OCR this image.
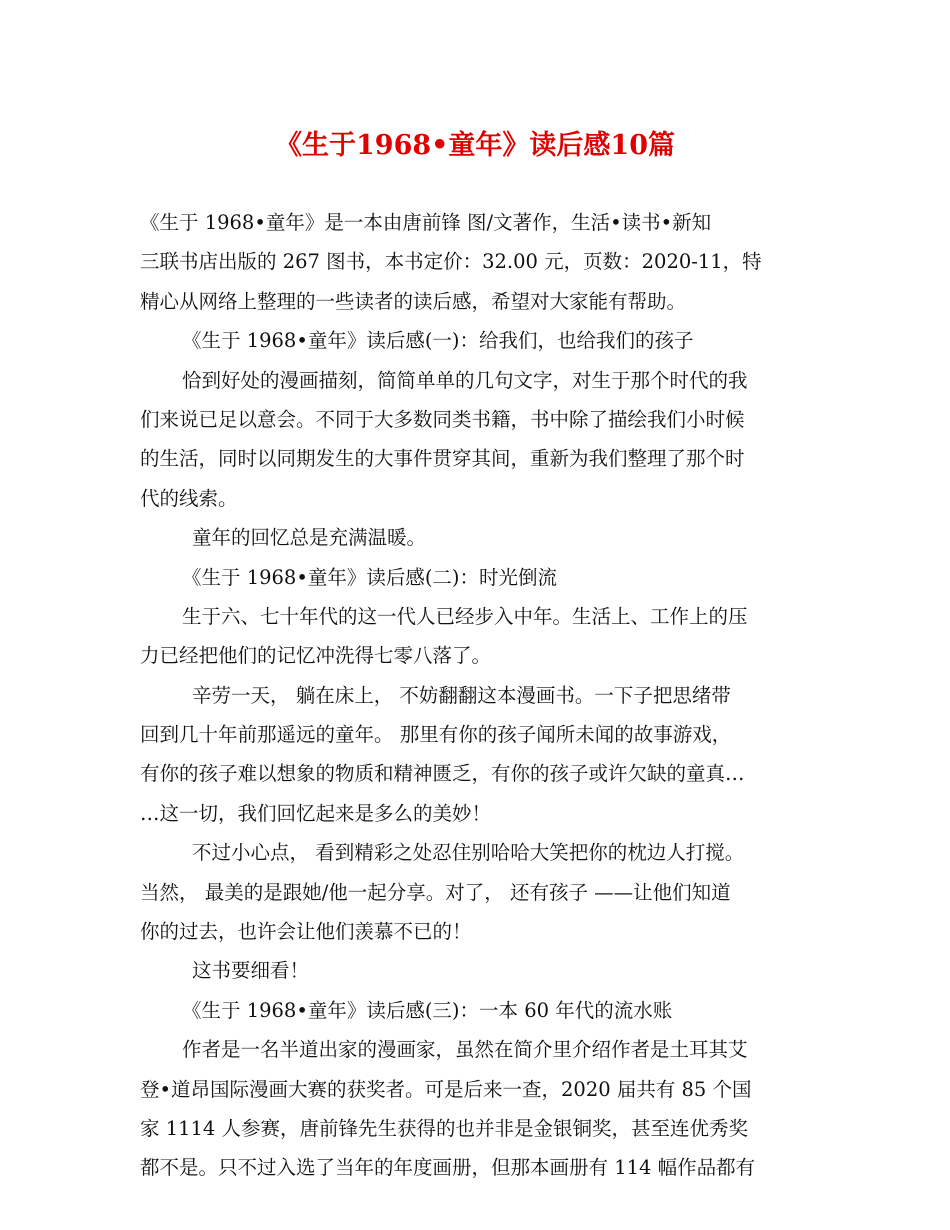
《生于1968•童年》读后感10篇
《生于 1968•童年》是一本由唐前锋 图/文著作，生活•读书•新知
三联书店出版的 267 图书，本书定价：32.00 元，页数：2020-11，特
精心从网络上整理的一些读者的读后感，希望对大家能有帮助。
《生于 1968•童年》读后感(一)：给我们，也给我们的孩子
恰到好处的漫画描刻，简简单单的几句文字，对生于那个时代的我
们来说已足以意会。不同于大多数同类书籍，书中除了描绘我们小时候
的生活，同时以同期发生的大事件贯穿其间，重新为我们整理了那个时
代的线索。
童年的回忆总是充满温暖。
《生于 1968•童年》读后感(二)：时光倒流
生于六、七十年代的这一代人已经步入中年。生活上、工作上的压
力已经把他们的记忆冲洗得七零八落了。
辛劳一天， 躺在床上， 不妨翻翻这本漫画书。一下子把思绪带
回到几十年前那遥远的童年。 那里有你的孩子闻所未闻的故事游戏，
有你的孩子难以想象的物质和精神匮乏，有你的孩子或许欠缺的童真…
…这一切，我们回忆起来是多么的美妙！
不过小心点， 看到精彩之处忍住别哈哈大笑把你的枕边人打搅。
当然， 最美的是跟她/他一起分享。对了， 还有孩子 ——让他们知道
你的过去，也许会让他们羡慕不已的！
这书要细看！
《生于 1968•童年》读后感(三)：一本 60 年代的流水账
作者是一名半道出家的漫画家，虽然在简介里介绍作者是土耳其艾
登•道昂国际漫画大赛的获奖者。可是后来一查，2020 届共有 85 个国
家 1114 人参赛，唐前锋先生获得的也并非是金银铜奖，甚至连优秀奖
都不是。只不过入选了当年的年度画册，但那本画册有 114 幅作品都有
